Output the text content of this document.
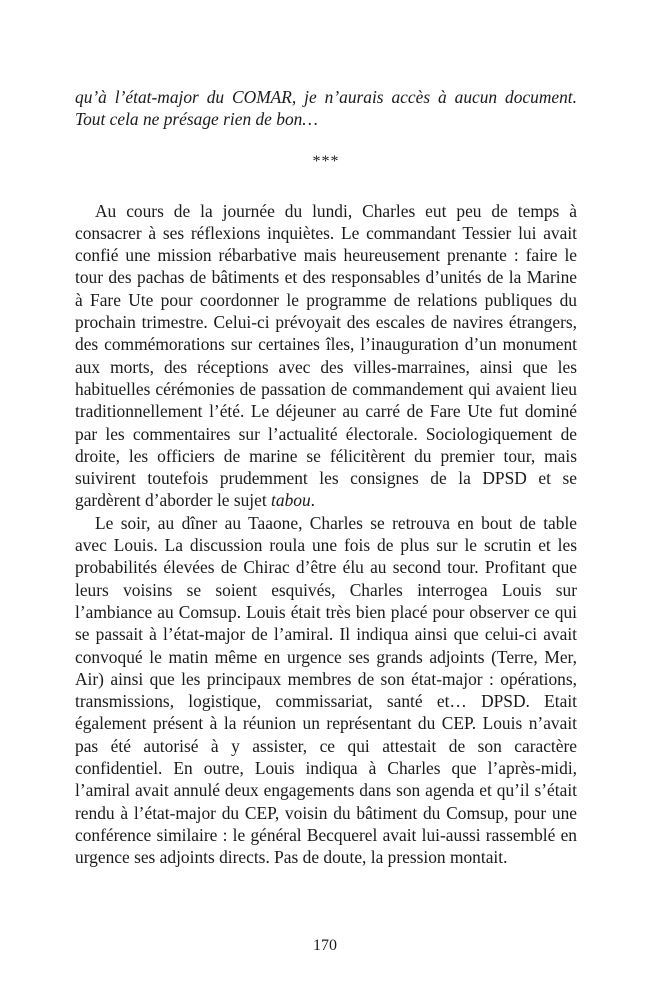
qu’à l’état-major du COMAR, je n’aurais accès à aucun document. Tout cela ne présage rien de bon…

***

Au cours de la journée du lundi, Charles eut peu de temps à consacrer à ses réflexions inquiètes. Le commandant Tessier lui avait confié une mission rébarbative mais heureusement prenante : faire le tour des pachas de bâtiments et des responsables d’unités de la Marine à Fare Ute pour coordonner le programme de relations publiques du prochain trimestre. Celui-ci prévoyait des escales de navires étrangers, des commémorations sur certaines îles, l’inauguration d’un monument aux morts, des réceptions avec des villes-marraines, ainsi que les habituelles cérémonies de passation de commandement qui avaient lieu traditionnellement l’été. Le déjeuner au carré de Fare Ute fut dominé par les commentaires sur l’actualité électorale. Sociologiquement de droite, les officiers de marine se félicitèrent du premier tour, mais suivirent toutefois prudemment les consignes de la DPSD et se gardèrent d’aborder le sujet tabou.

Le soir, au dîner au Taaone, Charles se retrouva en bout de table avec Louis. La discussion roula une fois de plus sur le scrutin et les probabilités élevées de Chirac d’être élu au second tour. Profitant que leurs voisins se soient esquivés, Charles interrogea Louis sur l’ambiance au Comsup. Louis était très bien placé pour observer ce qui se passait à l’état-major de l’amiral. Il indiqua ainsi que celui-ci avait convoqué le matin même en urgence ses grands adjoints (Terre, Mer, Air) ainsi que les principaux membres de son état-major : opérations, transmissions, logistique, commissariat, santé et… DPSD. Etait également présent à la réunion un représentant du CEP. Louis n’avait pas été autorisé à y assister, ce qui attestait de son caractère confidentiel. En outre, Louis indiqua à Charles que l’après-midi, l’amiral avait annulé deux engagements dans son agenda et qu’il s’était rendu à l’état-major du CEP, voisin du bâtiment du Comsup, pour une conférence similaire : le général Becquerel avait lui-aussi rassemblé en urgence ses adjoints directs. Pas de doute, la pression montait.

170
